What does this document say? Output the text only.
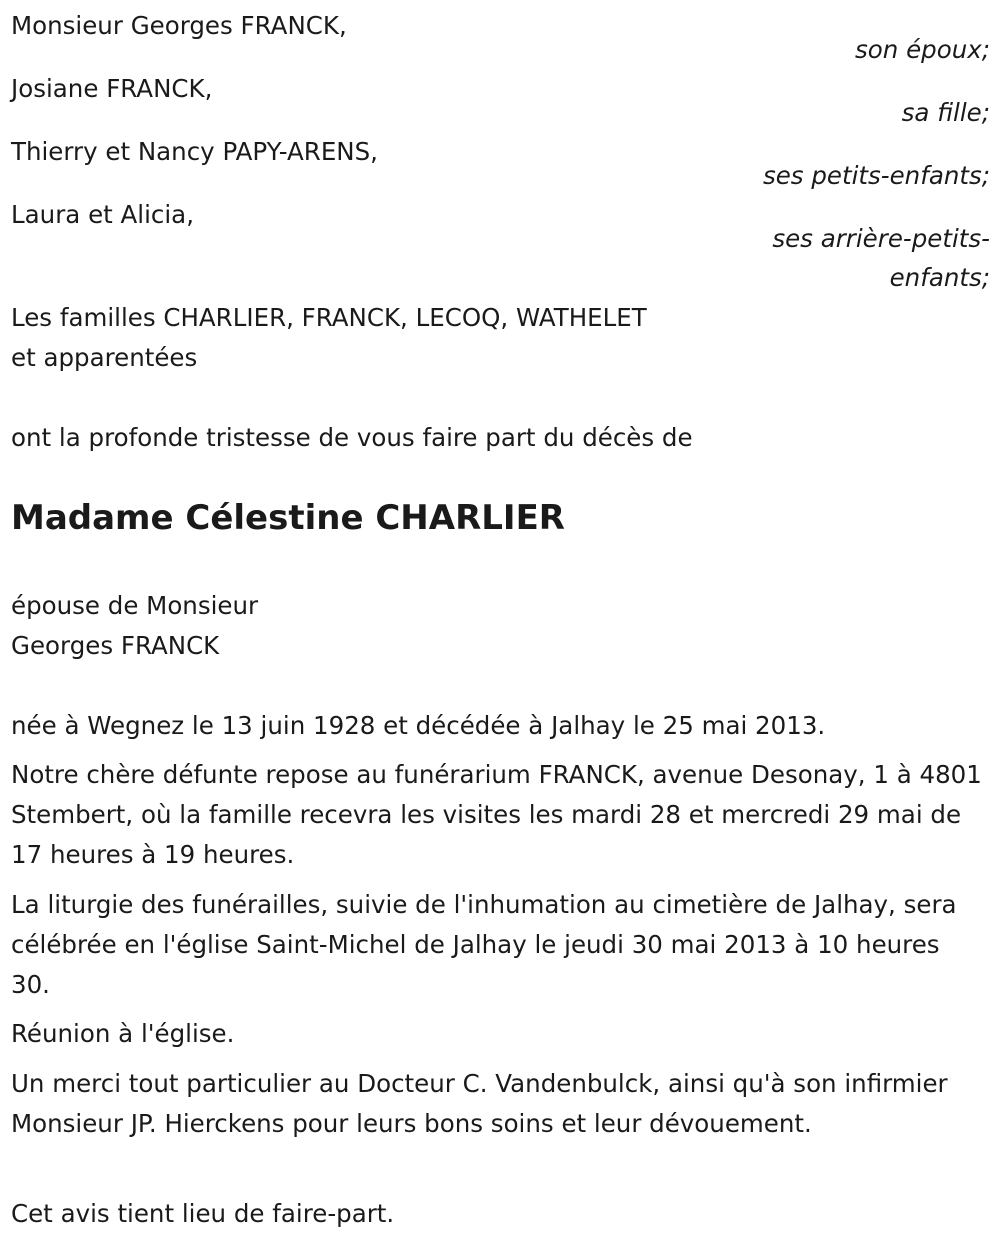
Monsieur Georges FRANCK,
son époux;
Josiane FRANCK,
sa fille;
Thierry et Nancy PAPY-ARENS,
ses petits-enfants;
Laura et Alicia,
ses arrière-petits-
enfants;
Les familles CHARLIER, FRANCK, LECOQ, WATHELET
et apparentées
ont la profonde tristesse de vous faire part du décès de
Madame Célestine CHARLIER
épouse de Monsieur
Georges FRANCK
née à Wegnez le 13 juin 1928 et décédée à Jalhay le 25 mai 2013.
Notre chère défunte repose au funérarium FRANCK, avenue Desonay, 1 à 4801 Stembert, où la famille recevra les visites les mardi 28 et mercredi 29 mai de 17 heures à 19 heures.
La liturgie des funérailles, suivie de l'inhumation au cimetière de Jalhay, sera célébrée en l'église Saint-Michel de Jalhay le jeudi 30 mai 2013 à 10 heures 30.
Réunion à l'église.
Un merci tout particulier au Docteur C. Vandenbulck, ainsi qu'à son infirmier Monsieur JP. Hierckens pour leurs bons soins et leur dévouement.
Cet avis tient lieu de faire-part.
